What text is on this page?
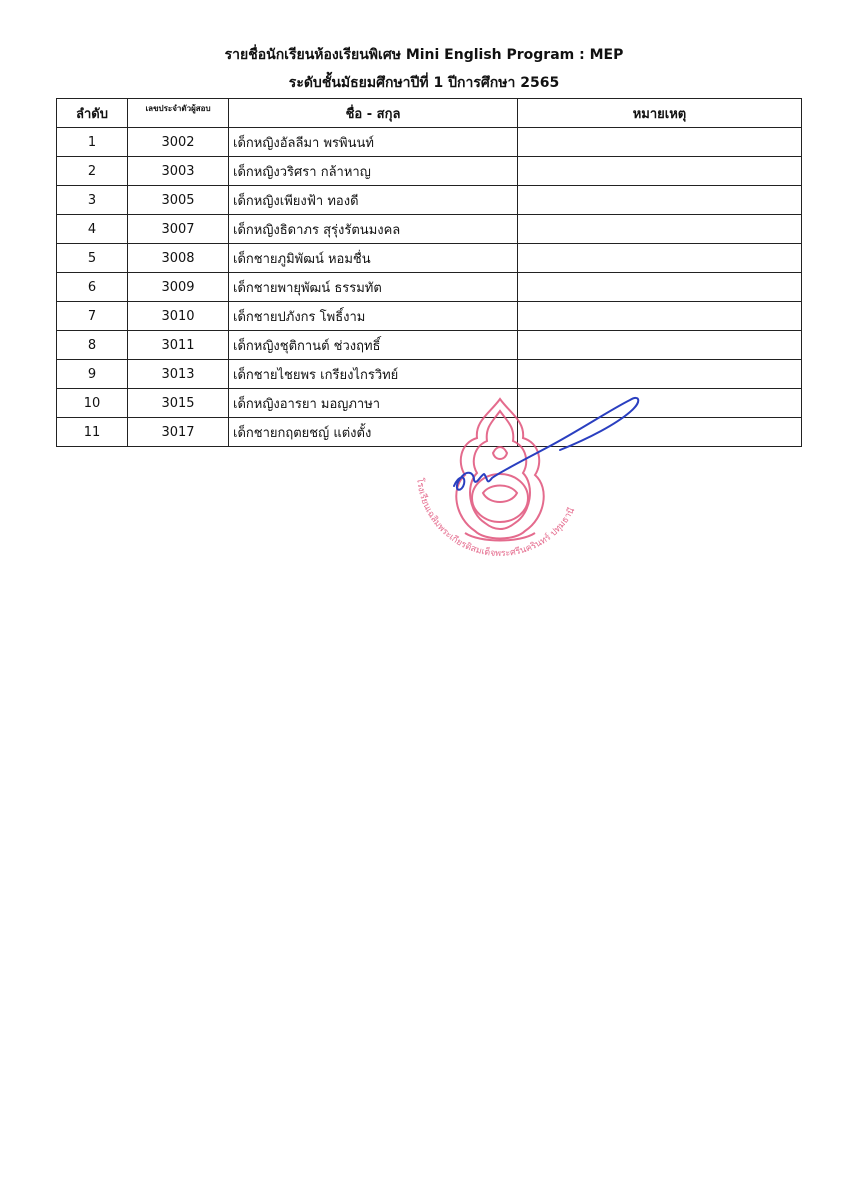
รายชื่อนักเรียนห้องเรียนพิเศษ Mini English Program : MEP
ระดับชั้นมัธยมศึกษาปีที่ 1 ปีการศึกษา 2565
ลำดับ	เลขประจำตัวผู้สอบ	ชื่อ - สกุล	หมายเหตุ
1	3002	เด็กหญิงอัลลีมา พรพินนท์	
2	3003	เด็กหญิงวริศรา กล้าหาญ	
3	3005	เด็กหญิงเพียงฟ้า ทองดี	
4	3007	เด็กหญิงธิดาภร สุรุ่งรัตนมงคล	
5	3008	เด็กชายภูมิพัฒน์ หอมชื่น	
6	3009	เด็กชายพายุพัฒน์ ธรรมทัต	
7	3010	เด็กชายปภังกร โพธิ์งาม	
8	3011	เด็กหญิงชุติกานต์ ช่วงฤทธิ์	
9	3013	เด็กชายไชยพร เกรียงไกรวิทย์	
10	3015	เด็กหญิงอารยา มอญภาษา	
11	3017	เด็กชายกฤตยชญ์ แต่งตั้ง	
โรงเรียนเฉลิมพระเกียรติสมเด็จพระศรีนครินทร์ ปทุมธานี
